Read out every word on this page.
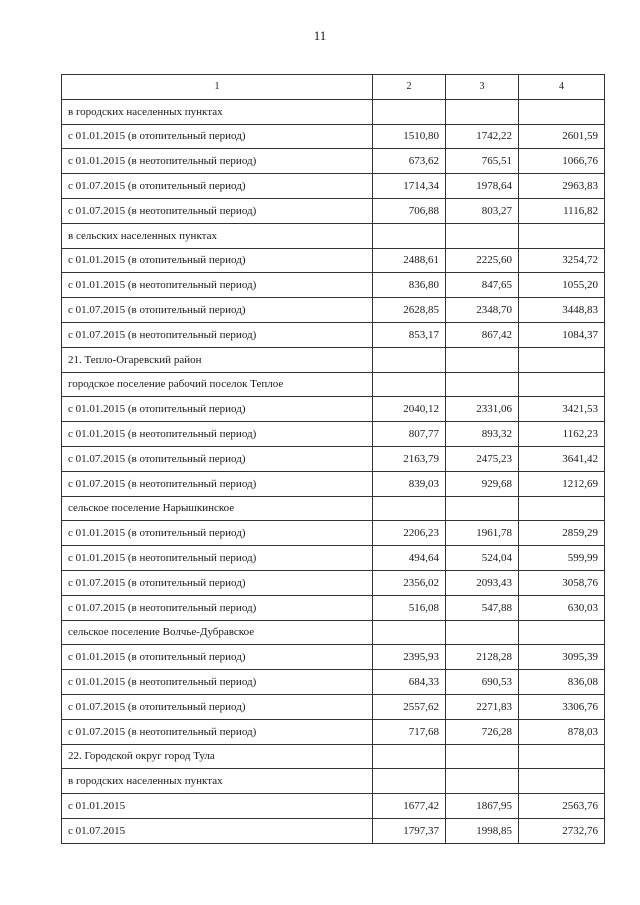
11
1	2	3	4
в городских населенных пунктах			
с 01.01.2015 (в отопительный период)	1510,80	1742,22	2601,59
с 01.01.2015 (в неотопительный период)	673,62	765,51	1066,76
с 01.07.2015 (в отопительный период)	1714,34	1978,64	2963,83
с 01.07.2015 (в неотопительный период)	706,88	803,27	1116,82
в сельских населенных пунктах			
с 01.01.2015 (в отопительный период)	2488,61	2225,60	3254,72
с 01.01.2015 (в неотопительный период)	836,80	847,65	1055,20
с 01.07.2015 (в отопительный период)	2628,85	2348,70	3448,83
с 01.07.2015 (в неотопительный период)	853,17	867,42	1084,37
21. Тепло-Огаревский район			
городское поселение рабочий поселок Теплое			
с 01.01.2015 (в отопительный период)	2040,12	2331,06	3421,53
с 01.01.2015 (в неотопительный период)	807,77	893,32	1162,23
с 01.07.2015 (в отопительный период)	2163,79	2475,23	3641,42
с 01.07.2015 (в неотопительный период)	839,03	929,68	1212,69
сельское поселение Нарышкинское			
с 01.01.2015 (в отопительный период)	2206,23	1961,78	2859,29
с 01.01.2015 (в неотопительный период)	494,64	524,04	599,99
с 01.07.2015 (в отопительный период)	2356,02	2093,43	3058,76
с 01.07.2015 (в неотопительный период)	516,08	547,88	630,03
сельское поселение Волчье-Дубравское			
с 01.01.2015 (в отопительный период)	2395,93	2128,28	3095,39
с 01.01.2015 (в неотопительный период)	684,33	690,53	836,08
с 01.07.2015 (в отопительный период)	2557,62	2271,83	3306,76
с 01.07.2015 (в неотопительный период)	717,68	726,28	878,03
22. Городской округ город Тула			
в городских населенных пунктах			
с 01.01.2015	1677,42	1867,95	2563,76
с 01.07.2015	1797,37	1998,85	2732,76
